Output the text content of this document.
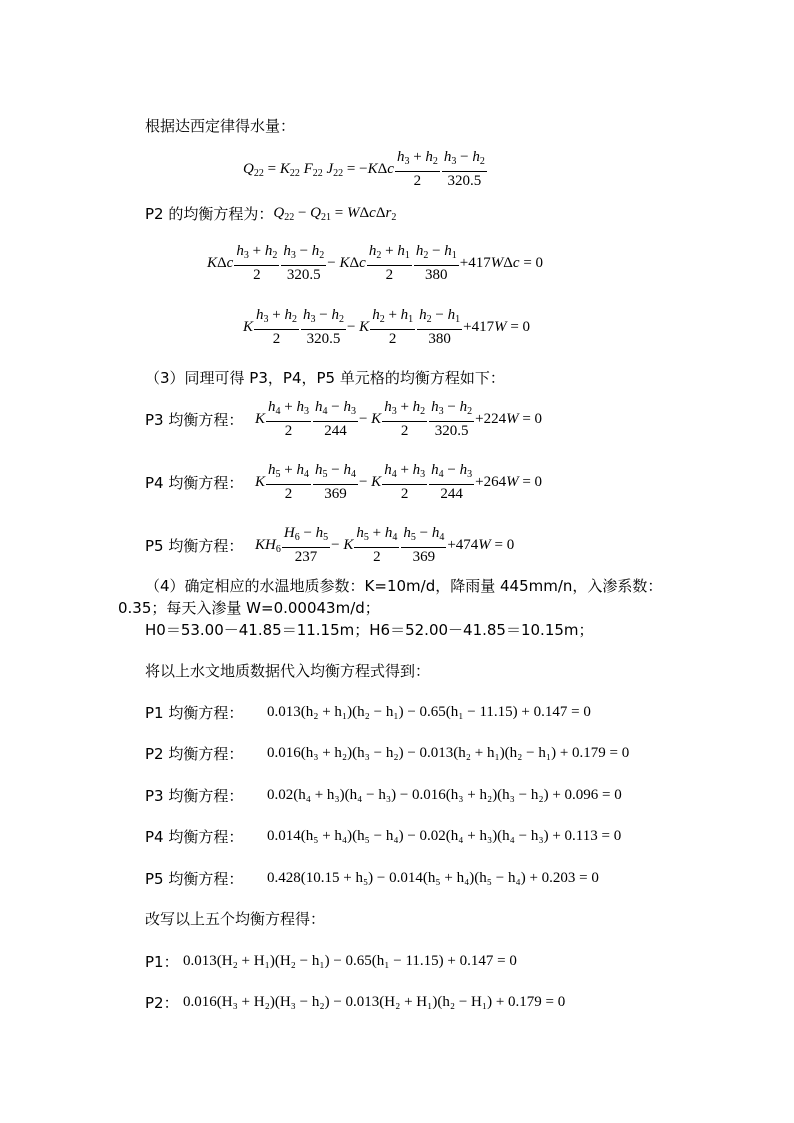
根据达西定律得水量：
$Q_{22} = K_{22}$ $F_{22}$ $J_{22} = -K\Delta c \frac{h_3 + h_2}{2} \frac{h_3 - h_2}{320.5}$
P2 的均衡方程为： $Q_{22} - Q_{21} = W\Delta c\Delta r_2$
KΔc $\frac{h_3 + h_2}{2} \frac{h_3 - h_2}{320.5} - K\Delta c \frac{h_2 + h_1}{2} \frac{h_2 - h_1}{380} +417W\Delta c = 0$
K $\frac{h_3 + h_2}{2} \frac{h_3 - h_2}{320.5} - K \frac{h_2 + h_1}{2} \frac{h_2 - h_1}{380} +417W = 0$
（3）同理可得 P3，P4，P5 单元格的均衡方程如下：
P3 均衡方程： K $\frac{h_4 + h_3}{2} \frac{h_4 - h_3}{244} - K \frac{h_3 + h_2}{2} \frac{h_3 - h_2}{320.5} +224W = 0$
P4 均衡方程： K $\frac{h_5 + h_4}{2} \frac{h_5 - h_4}{369} - K \frac{h_4 + h_3}{2} \frac{h_4 - h_3}{244} +264W = 0$
P5 均衡方程： $KH_6 \frac{H_6 - h_5}{237} - K \frac{h_5 + h_4}{2} \frac{h_5 - h_4}{369} +474W = 0$
（4）确定相应的水温地质参数：K=10m/d，降雨量 445mm/n，入渗系数：
0.35；每天入渗量 W=0.00043m/d；
H0＝53.00－41.85＝11.15m；H6＝52.00－41.85＝10.15m；
将以上水文地质数据代入均衡方程式得到：
P1 均衡方程：	0.013(h₂ + h₁)(h₂ − h₁) − 0.65(h₁ − 11.15) + 0.147 = 0
P2 均衡方程：	0.016(h₃ + h₂)(h₃ − h₂) − 0.013(h₂ + h₁)(h₂ − h₁) + 0.179 = 0
P3 均衡方程：	0.02(h₄ + h₃)(h₄ − h₃) − 0.016(h₃ + h₂)(h₃ − h₂) + 0.096 = 0
P4 均衡方程：	0.014(h₅ + h₄)(h₅ − h₄) − 0.02(h₄ + h₃)(h₄ − h₃) + 0.113 = 0
P5 均衡方程：	0.428(10.15 + h₅) − 0.014(h₅ + h₄)(h₅ − h₄) + 0.203 = 0
改写以上五个均衡方程得：
P1： 0.013(H₂ + H₁)(H₂ − h₁) − 0.65(h₁ − 11.15) + 0.147 = 0
P2： 0.016(H₃ + H₂)(H₃ − h₂) − 0.013(H₂ + H₁)(h₂ − H₁) + 0.179 = 0
